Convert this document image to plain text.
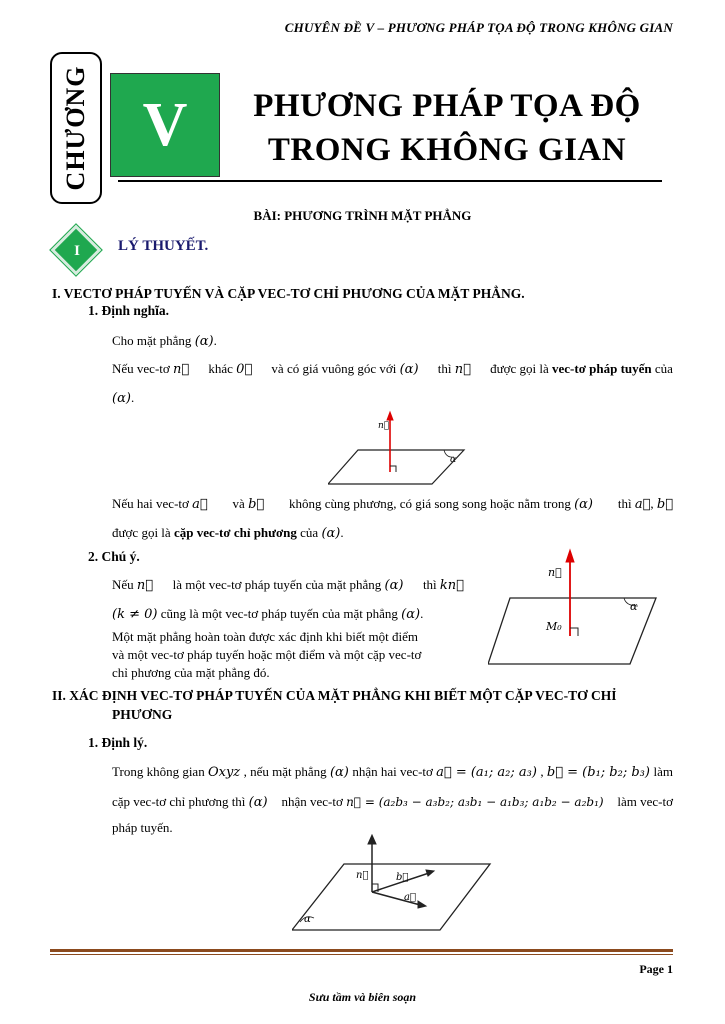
CHUYÊN ĐỀ V – PHƯƠNG PHÁP TỌA ĐỘ TRONG KHÔNG GIAN
CHƯƠNG V	PHƯƠNG PHÁP TỌA ĐỘ
TRONG KHÔNG GIAN
BÀI: PHƯƠNG TRÌNH MẶT PHẲNG
I	LÝ THUYẾT.
I. VECTƠ PHÁP TUYẾN VÀ CẶP VEC-TƠ CHỈ PHƯƠNG CỦA MẶT PHẲNG.
1. Định nghĩa.
Cho mặt phẳng (α).
Nếu vec-tơ n⃗ khác 0⃗ và có giá vuông góc với (α) thì n⃗ được gọi là vec-tơ pháp tuyến của
(α).
n⃗
α
Nếu hai vec-tơ a⃗ và b⃗ không cùng phương, có giá song song hoặc nằm trong (α) thì a⃗, b⃗
được gọi là cặp vec-tơ chỉ phương của (α).
2. Chú ý.
Nếu n⃗ là một vec-tơ pháp tuyến của mặt phẳng (α) thì kn⃗
(k ≠ 0) cũng là một vec-tơ pháp tuyến của mặt phẳng (α).
Một mặt phẳng hoàn toàn được xác định khi biết một điểm
và một vec-tơ pháp tuyến hoặc một điểm và một cặp vec-tơ
chỉ phương của mặt phẳng đó.
n⃗
α
M₀
II. XÁC ĐỊNH VEC-TƠ PHÁP TUYẾN CỦA MẶT PHẲNG KHI BIẾT MỘT CẶP VEC-TƠ CHỈ
PHƯƠNG
1. Định lý.
Trong không gian Oxyz , nếu mặt phẳng (α) nhận hai vec-tơ a⃗ = (a₁; a₂; a₃) , b⃗ = (b₁; b₂; b₃) làm
cặp vec-tơ chỉ phương thì (α) nhận vec-tơ n⃗ = (a₂b₃ − a₃b₂; a₃b₁ − a₁b₃; a₁b₂ − a₂b₁) làm vec-tơ
pháp tuyến.
n⃗	b⃗
a⃗
α
Page 1
Sưu tầm và biên soạn
